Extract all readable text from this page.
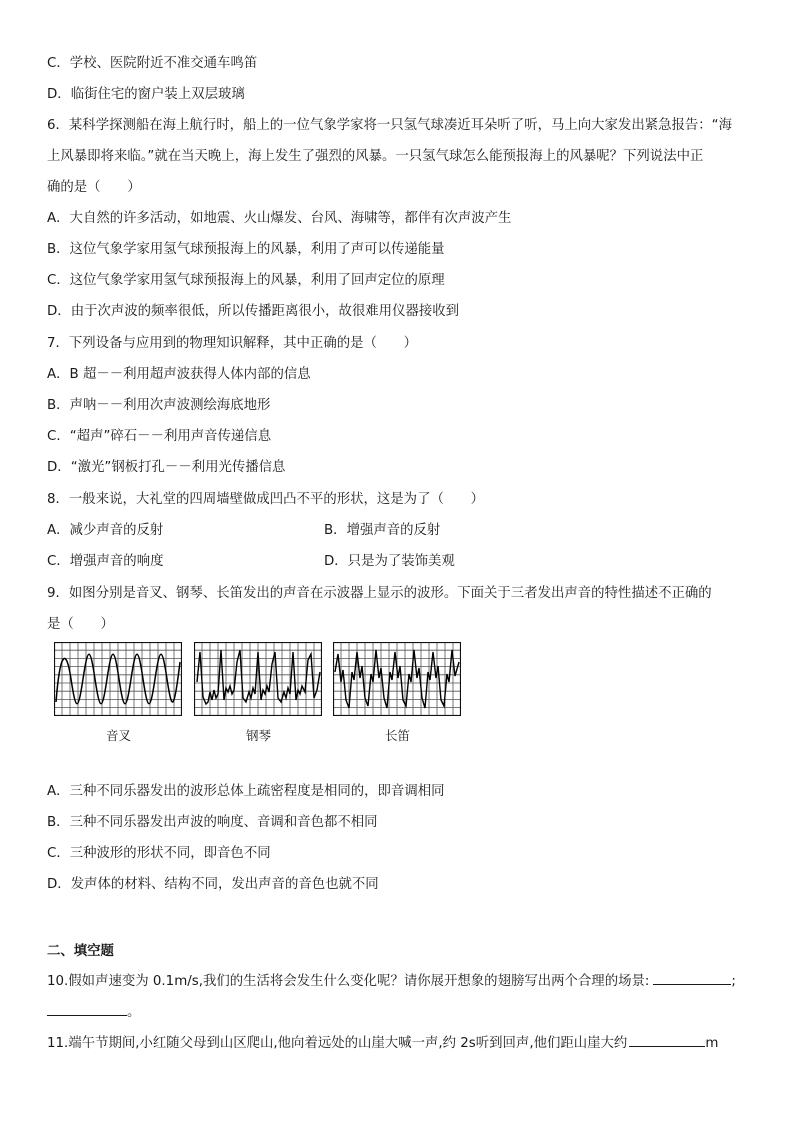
C．学校、医院附近不准交通车鸣笛
D．临街住宅的窗户装上双层玻璃
6．某科学探测船在海上航行时，船上的一位气象学家将一只氢气球凑近耳朵听了听，马上向大家发出紧急报告：“海
上风暴即将来临。”就在当天晚上，海上发生了强烈的风暴。一只氢气球怎么能预报海上的风暴呢？下列说法中正
确的是（　　）
A．大自然的许多活动，如地震、火山爆发、台风、海啸等，都伴有次声波产生
B．这位气象学家用氢气球预报海上的风暴，利用了声可以传递能量
C．这位气象学家用氢气球预报海上的风暴，利用了回声定位的原理
D．由于次声波的频率很低，所以传播距离很小，故很难用仪器接收到
7．下列设备与应用到的物理知识解释，其中正确的是（　　）
A．B 超－－利用超声波获得人体内部的信息
B．声呐－－利用次声波测绘海底地形
C．“超声”碎石－－利用声音传递信息
D．“激光”钢板打孔－－利用光传播信息
8．一般来说，大礼堂的四周墙壁做成凹凸不平的形状，这是为了（　　）
A．减少声音的反射	B．增强声音的反射
C．增强声音的响度	D．只是为了装饰美观
9．如图分别是音叉、钢琴、长笛发出的声音在示波器上显示的波形。下面关于三者发出声音的特性描述不正确的
是（　　）
音叉	钢琴	长笛
A．三种不同乐器发出的波形总体上疏密程度是相同的，即音调相同
B．三种不同乐器发出声波的响度、音调和音色都不相同
C．三种波形的形状不同，即音色不同
D．发声体的材料、结构不同，发出声音的音色也就不同
二、填空题
10.假如声速变为 0.1m/s,我们的生活将会发生什么变化呢？请你展开想象的翅膀写出两个合理的场景:	;
。
11.端午节期间,小红随父母到山区爬山,他向着远处的山崖大喊一声,约 2s听到回声,他们距山崖大约	m
